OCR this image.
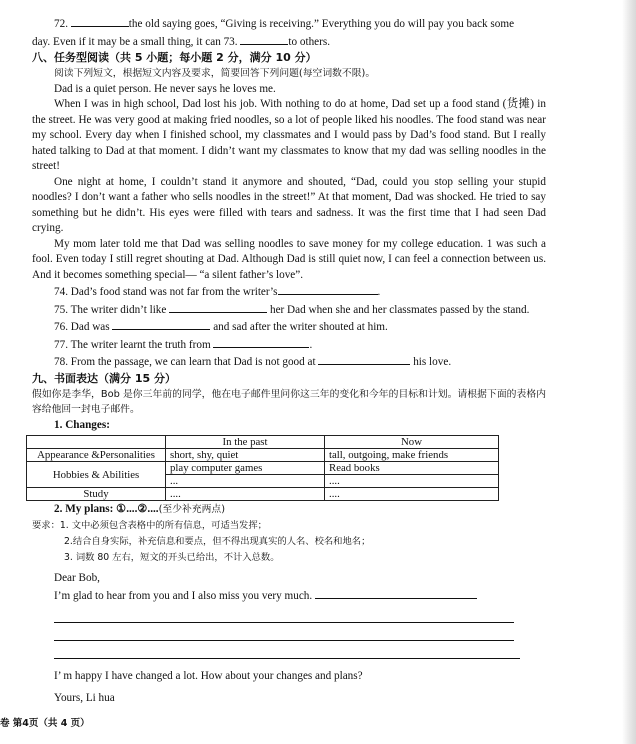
72.	the old saying goes, “Giving is receiving.” Everything you do will pay you back some

day. Even if it may be a small thing, it can 73.	to others.

八、任务型阅读（共 5 小题；每小题 2 分，满分 10 分）

阅读下列短文，根据短文内容及要求，简要回答下列问题(每空词数不限)。

Dad is a quiet person. He never says he loves me.

When I was in high school, Dad lost his job. With nothing to do at home, Dad set up a food stand (货摊) in the street. He was very good at making fried noodles, so a lot of people liked his noodles. The food stand was near my school. Every day when I finished school, my classmates and I would pass by Dad’s food stand. But I really hated talking to Dad at that moment. I didn’t want my classmates to know that my dad was selling noodles in the street!

One night at home, I couldn’t stand it anymore and shouted, “Dad, could you stop selling your stupid noodles? I don’t want a father who sells noodles in the street!” At that moment, Dad was shocked. He tried to say something but he didn’t. His eyes were filled with tears and sadness. It was the first time that I had seen Dad crying.

My mom later told me that Dad was selling noodles to save money for my college education. 1 was such a fool. Even today I still regret shouting at Dad. Although Dad is still quiet now, I can feel a connection between us. And it becomes something special— “a silent father’s love”.

74. Dad’s food stand was not far from the writer’s	.

75. The writer didn’t like	her Dad when she and her classmates passed by the stand.

76. Dad was	and sad after the writer shouted at him.

77. The writer learnt the truth from	.

78. From the passage, we can learn that Dad is not good at	his love.

九、书面表达（满分 15 分）

假如你是李华，Bob 是你三年前的同学，他在电子邮件里问你这三年的变化和今年的目标和计划。请根据下面的表格内容给他回一封电子邮件。

1. Changes:

	In the past	Now
Appearance &Personalities	short, shy, quiet	tall, outgoing, make friends
Hobbies & Abilities	play computer games	Read books
	...	....
Study	....	....

2. My plans: ①....②....(至少补充两点)

要求：1. 文中必须包含表格中的所有信息，可适当发挥；

2.结合自身实际，补充信息和要点，但不得出现真实的人名、校名和地名；

3. 词数 80 左右，短文的开头已给出，不计入总数。

Dear Bob,

I’m glad to hear from you and I also miss you very much.

I’ m happy I have changed a lot. How about your changes and plans?

Yours, Li hua

卷 第4页（共 4 页）
